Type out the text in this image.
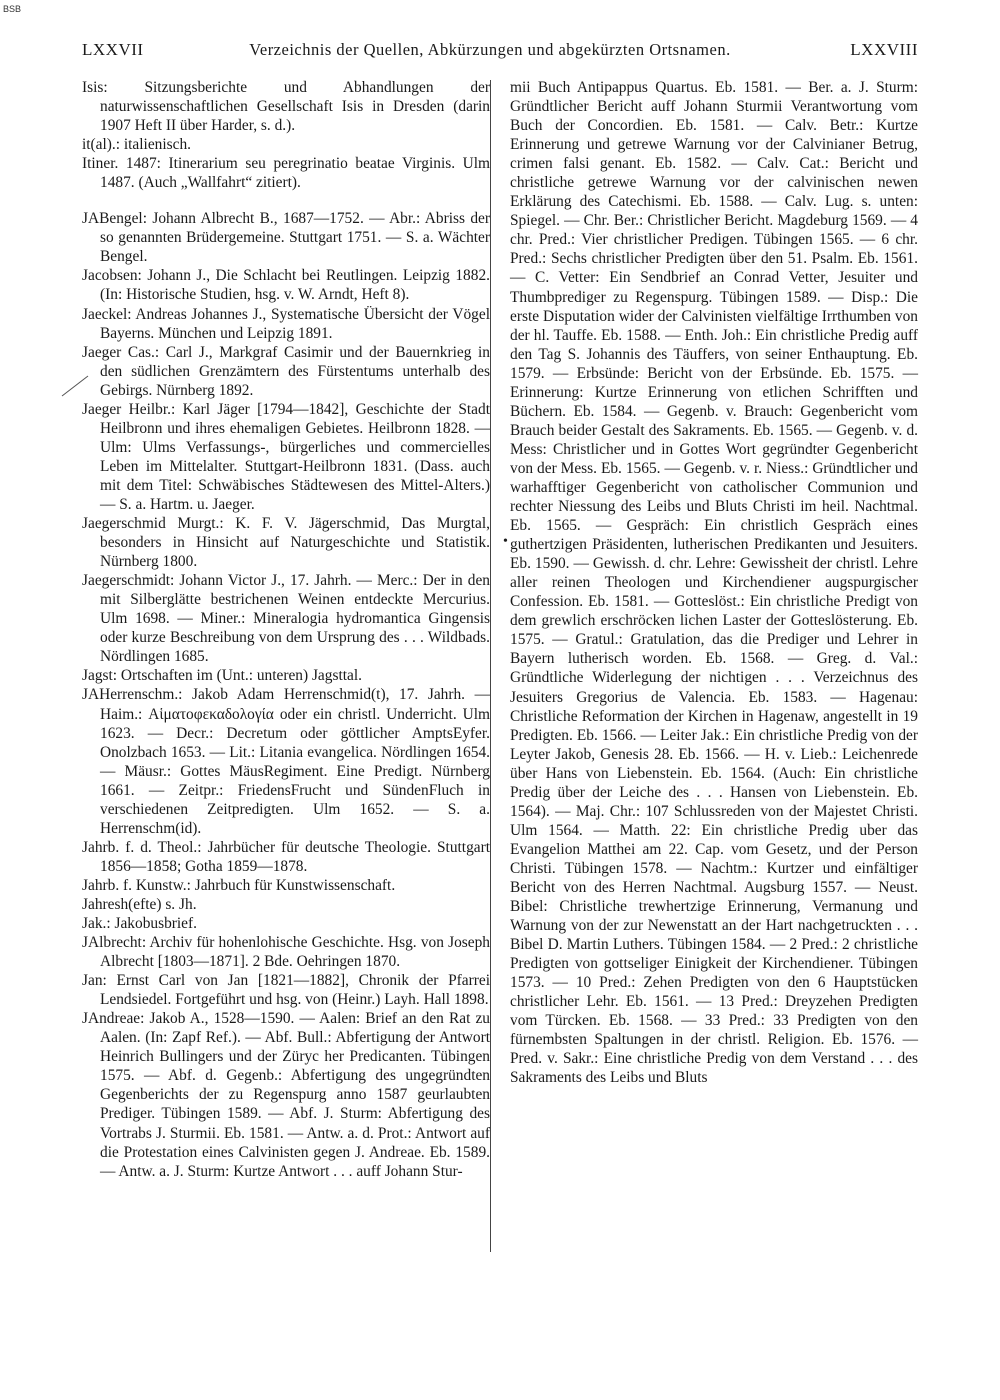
BSB
LXXVII	Verzeichnis der Quellen, Abkürzungen und abgekürzten Ortsnamen.	LXXVIII
Isis: Sitzungsberichte und Abhandlungen der naturwissenschaftlichen Gesellschaft Isis in Dresden (darin 1907 Heft II über Harder, s. d.).
it(al).: italienisch.
Itiner. 1487: Itinerarium seu peregrinatio beatae Virginis. Ulm 1487. (Auch „Wallfahrt“ zitiert).
JABengel: Johann Albrecht B., 1687—1752. — Abr.: Abriss der so genannten Brüdergemeine. Stuttgart 1751. — S. a. Wächter Bengel.
Jacobsen: Johann J., Die Schlacht bei Reutlingen. Leipzig 1882. (In: Historische Studien, hsg. v. W. Arndt, Heft 8).
Jaeckel: Andreas Johannes J., Systematische Übersicht der Vögel Bayerns. München und Leipzig 1891.
Jaeger Cas.: Carl J., Markgraf Casimir und der Bauernkrieg in den südlichen Grenzämtern des Fürstentums unterhalb des Gebirgs. Nürnberg 1892.
Jaeger Heilbr.: Karl Jäger [1794—1842], Geschichte der Stadt Heilbronn und ihres ehemaligen Gebietes. Heilbronn 1828. — Ulm: Ulms Verfassungs-, bürgerliches und commercielles Leben im Mittelalter. Stuttgart-Heilbronn 1831. (Dass. auch mit dem Titel: Schwäbisches Städtewesen des Mittel-Alters.) — S. a. Hartm. u. Jaeger.
Jaegerschmid Murgt.: K. F. V. Jägerschmid, Das Murgtal, besonders in Hinsicht auf Naturgeschichte und Statistik. Nürnberg 1800.
Jaegerschmidt: Johann Victor J., 17. Jahrh. — Merc.: Der in den mit Silberglätte bestrichenen Weinen entdeckte Mercurius. Ulm 1698. — Miner.: Mineralogia hydromantica Gingensis oder kurze Beschreibung von dem Ursprung des . . . Wildbads. Nördlingen 1685.
Jagst: Ortschaften im (Unt.: unteren) Jagsttal.
JAHerrenschm.: Jakob Adam Herrenschmid(t), 17. Jahrh. — Haim.: Αἱματοφεκαδολογία oder ein christl. Underricht. Ulm 1623. — Decr.: Decretum oder göttlicher AmptsEyfer. Onolzbach 1653. — Lit.: Litania evangelica. Nördlingen 1654. — Mäusr.: Gottes MäusRegiment. Eine Predigt. Nürnberg 1661. — Zeitpr.: FriedensFrucht und SündenFluch in verschiedenen Zeitpredigten. Ulm 1652. — S. a. Herrenschm(id).
Jahrb. f. d. Theol.: Jahrbücher für deutsche Theologie. Stuttgart 1856—1858; Gotha 1859—1878.
Jahrb. f. Kunstw.: Jahrbuch für Kunstwissenschaft.
Jahresh(efte) s. Jh.
Jak.: Jakobusbrief.
JAlbrecht: Archiv für hohenlohische Geschichte. Hsg. von Joseph Albrecht [1803—1871]. 2 Bde. Oehringen 1870.
Jan: Ernst Carl von Jan [1821—1882], Chronik der Pfarrei Lendsiedel. Fortgeführt und hsg. von (Heinr.) Layh. Hall 1898.
JAndreae: Jakob A., 1528—1590. — Aalen: Brief an den Rat zu Aalen. (In: Zapf Ref.). — Abf. Bull.: Abfertigung der Antwort Heinrich Bullingers und der Züryc her Predicanten. Tübingen 1575. — Abf. d. Gegenb.: Abfertigung des ungegründten Gegenberichts der zu Regenspurg anno 1587 geurlaubten Prediger. Tübingen 1589. — Abf. J. Sturm: Abfertigung des Vortrabs J. Sturmii. Eb. 1581. — Antw. a. d. Prot.: Antwort auf die Protestation eines Calvinisten gegen J. Andreae. Eb. 1589. — Antw. a. J. Sturm: Kurtze Antwort . . . auff Johann Stur-
•
mii Buch Antipappus Quartus. Eb. 1581. — Ber. a. J. Sturm: Gründtlicher Bericht auff Johann Sturmii Verantwortung vom Buch der Concordien. Eb. 1581. — Calv. Betr.: Kurtze Erinnerung und getrewe Warnung vor der Calvinianer Betrug, crimen falsi genant. Eb. 1582. — Calv. Cat.: Bericht und christliche getrewe Warnung vor der calvinischen newen Erklärung des Catechismi. Eb. 1588. — Calv. Lug. s. unten: Spiegel. — Chr. Ber.: Christlicher Bericht. Magdeburg 1569. — 4 chr. Pred.: Vier christlicher Predigen. Tübingen 1565. — 6 chr. Pred.: Sechs christlicher Predigten über den 51. Psalm. Eb. 1561. — C. Vetter: Ein Sendbrief an Conrad Vetter, Jesuiter und Thumbprediger zu Regenspurg. Tübingen 1589. — Disp.: Die erste Disputation wider der Calvinisten vielfältige Irrthumben von der hl. Tauffe. Eb. 1588. — Enth. Joh.: Ein christliche Predig auff den Tag S. Johannis des Täuffers, von seiner Enthauptung. Eb. 1579. — Erbsünde: Bericht von der Erbsünde. Eb. 1575. — Erinnerung: Kurtze Erinnerung von etlichen Schrifften und Büchern. Eb. 1584. — Gegenb. v. Brauch: Gegenbericht vom Brauch beider Gestalt des Sakraments. Eb. 1565. — Gegenb. v. d. Mess: Christlicher und in Gottes Wort gegründter Gegenbericht von der Mess. Eb. 1565. — Gegenb. v. r. Niess.: Gründtlicher und warhafftiger Gegenbericht von catholischer Communion und rechter Niessung des Leibs und Bluts Christi im heil. Nachtmal. Eb. 1565. — Gespräch: Ein christlich Gespräch eines guthertzigen Präsidenten, lutherischen Predikanten und Jesuiters. Eb. 1590. — Gewissh. d. chr. Lehre: Gewissheit der christl. Lehre aller reinen Theologen und Kirchendiener augspurgischer Confession. Eb. 1581. — Gotteslöst.: Ein christliche Predigt von dem grewlich erschröcken lichen Laster der Gotteslösterung. Eb. 1575. — Gratul.: Gratulation, das die Prediger und Lehrer in Bayern lutherisch worden. Eb. 1568. — Greg. d. Val.: Gründtliche Widerlegung der nichtigen . . . Verzeichnus des Jesuiters Gregorius de Valencia. Eb. 1583. — Hagenau: Christliche Reformation der Kirchen in Hagenaw, angestellt in 19 Predigten. Eb. 1566. — Leiter Jak.: Ein christliche Predig von der Leyter Jakob, Genesis 28. Eb. 1566. — H. v. Lieb.: Leichenrede über Hans von Liebenstein. Eb. 1564. (Auch: Ein christliche Predig über der Leiche des . . . Hansen von Liebenstein. Eb. 1564). — Maj. Chr.: 107 Schlussreden von der Majestet Christi. Ulm 1564. — Matth. 22: Ein christliche Predig uber das Evangelion Matthei am 22. Cap. vom Gesetz, und der Person Christi. Tübingen 1578. — Nachtm.: Kurtzer und einfältiger Bericht von des Herren Nachtmal. Augsburg 1557. — Neust. Bibel: Christliche trewhertzige Erinnerung, Vermanung und Warnung von der zur Newenstatt an der Hart nachgetruckten . . . Bibel D. Martin Luthers. Tübingen 1584. — 2 Pred.: 2 christliche Predigten von gottseliger Einigkeit der Kirchendiener. Tübingen 1573. — 10 Pred.: Zehen Predigten von den 6 Hauptstücken christlicher Lehr. Eb. 1561. — 13 Pred.: Dreyzehen Predigten vom Türcken. Eb. 1568. — 33 Pred.: 33 Predigten von den fürnembsten Spaltungen in der christl. Religion. Eb. 1576. — Pred. v. Sakr.: Eine christliche Predig von dem Verstand . . . des Sakraments des Leibs und Bluts
